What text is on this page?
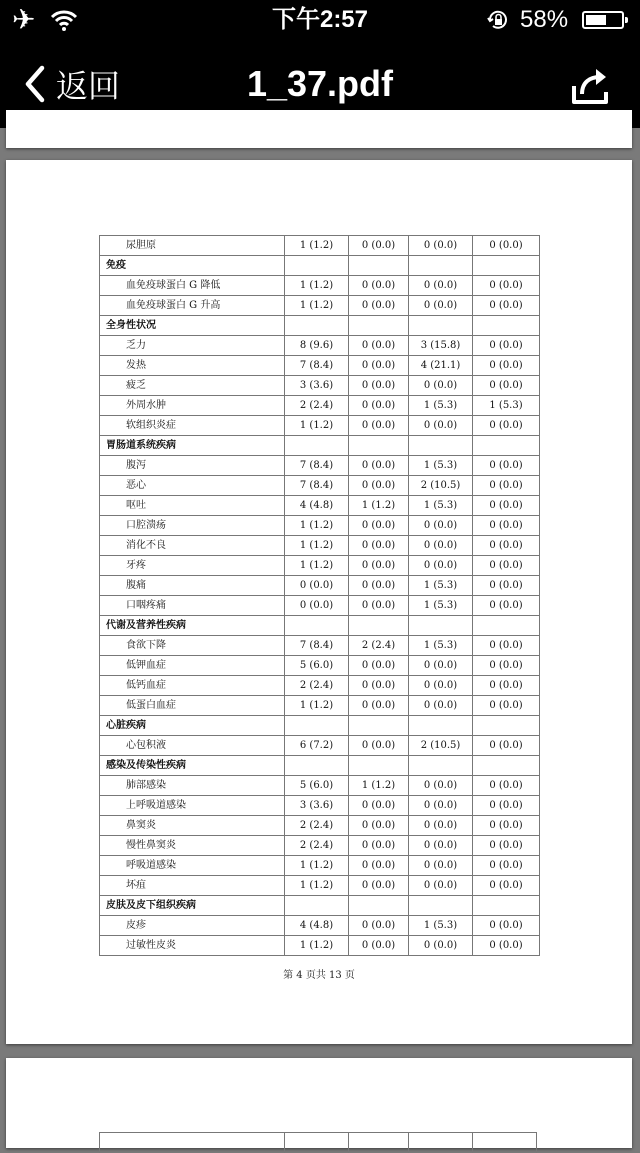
✈	下午2:57	58%
返回	1_37.pdf
尿胆原	1 (1.2)	0 (0.0)	0 (0.0)	0 (0.0)
免疫				
血免疫球蛋白 G 降低	1 (1.2)	0 (0.0)	0 (0.0)	0 (0.0)
血免疫球蛋白 G 升高	1 (1.2)	0 (0.0)	0 (0.0)	0 (0.0)
全身性状况				
乏力	8 (9.6)	0 (0.0)	3 (15.8)	0 (0.0)
发热	7 (8.4)	0 (0.0)	4 (21.1)	0 (0.0)
疲乏	3 (3.6)	0 (0.0)	0 (0.0)	0 (0.0)
外周水肿	2 (2.4)	0 (0.0)	1 (5.3)	1 (5.3)
软组织炎症	1 (1.2)	0 (0.0)	0 (0.0)	0 (0.0)
胃肠道系统疾病				
腹泻	7 (8.4)	0 (0.0)	1 (5.3)	0 (0.0)
恶心	7 (8.4)	0 (0.0)	2 (10.5)	0 (0.0)
呕吐	4 (4.8)	1 (1.2)	1 (5.3)	0 (0.0)
口腔溃疡	1 (1.2)	0 (0.0)	0 (0.0)	0 (0.0)
消化不良	1 (1.2)	0 (0.0)	0 (0.0)	0 (0.0)
牙疼	1 (1.2)	0 (0.0)	0 (0.0)	0 (0.0)
腹痛	0 (0.0)	0 (0.0)	1 (5.3)	0 (0.0)
口咽疼痛	0 (0.0)	0 (0.0)	1 (5.3)	0 (0.0)
代谢及营养性疾病				
食欲下降	7 (8.4)	2 (2.4)	1 (5.3)	0 (0.0)
低钾血症	5 (6.0)	0 (0.0)	0 (0.0)	0 (0.0)
低钙血症	2 (2.4)	0 (0.0)	0 (0.0)	0 (0.0)
低蛋白血症	1 (1.2)	0 (0.0)	0 (0.0)	0 (0.0)
心脏疾病				
心包积液	6 (7.2)	0 (0.0)	2 (10.5)	0 (0.0)
感染及传染性疾病				
肺部感染	5 (6.0)	1 (1.2)	0 (0.0)	0 (0.0)
上呼吸道感染	3 (3.6)	0 (0.0)	0 (0.0)	0 (0.0)
鼻窦炎	2 (2.4)	0 (0.0)	0 (0.0)	0 (0.0)
慢性鼻窦炎	2 (2.4)	0 (0.0)	0 (0.0)	0 (0.0)
呼吸道感染	1 (1.2)	0 (0.0)	0 (0.0)	0 (0.0)
坏疽	1 (1.2)	0 (0.0)	0 (0.0)	0 (0.0)
皮肤及皮下组织疾病				
皮疹	4 (4.8)	0 (0.0)	1 (5.3)	0 (0.0)
过敏性皮炎	1 (1.2)	0 (0.0)	0 (0.0)	0 (0.0)
第 4 页共 13 页
